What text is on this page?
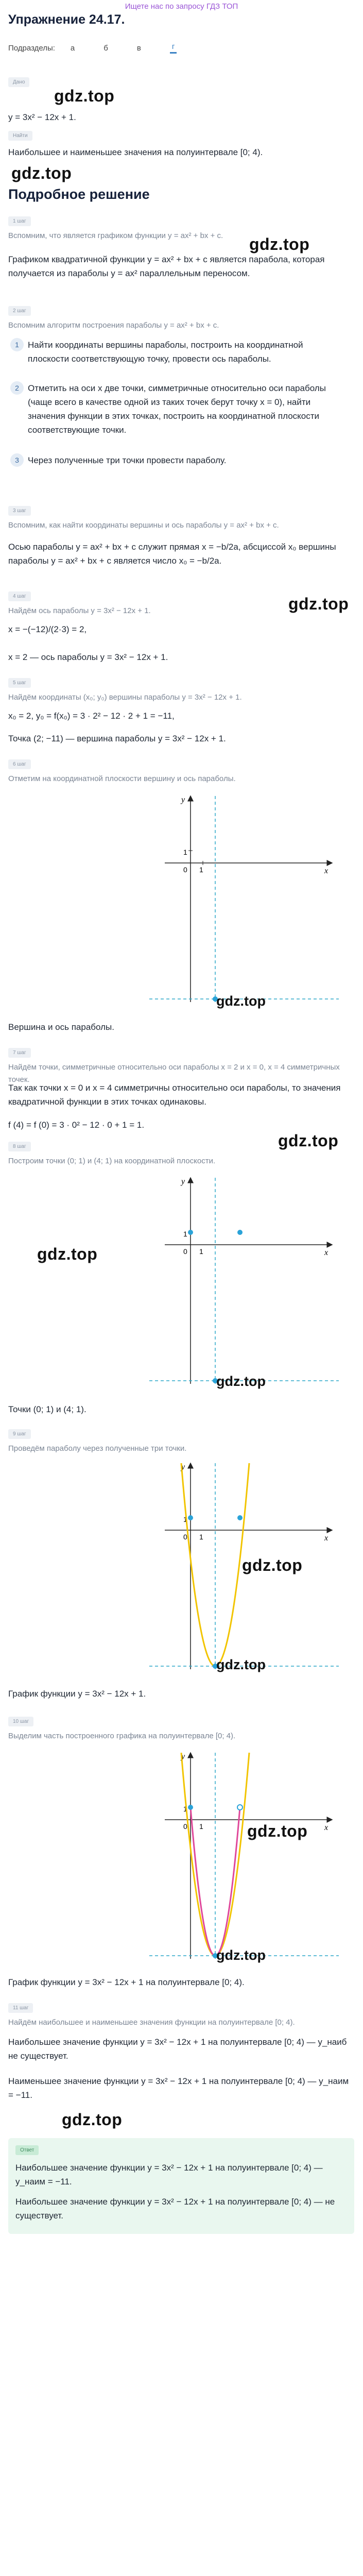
Ищете нас по запросу ГДЗ ТОП
Упражнение 24.17.
Подразделы: а	б	в	г
Дано
gdz.top
y = 3x² − 12x + 1.
Найти
Наибольшее и наименьшее значения на полуинтервале [0; 4).
gdz.top
Подробное решение
1 шаг
Вспомним, что является графиком функции y = ax² + bx + c.	gdz.top
Графиком квадратичной функции y = ax² + bx + c является парабола, которая получается из параболы y = ax² параллельным переносом.
2 шаг
Вспомним алгоритм построения параболы y = ax² + bx + c.
1 Найти координаты вершины параболы, построить на координатной плоскости соответствующую точку, провести ось параболы.
2 Отметить на оси x две точки, симметричные относительно оси параболы (чаще всего в качестве одной из таких точек берут точку x = 0), найти значения функции в этих точках, построить на координатной плоскости соответствующие точки.
3 Через полученные три точки провести параболу.
3 шаг
Вспомним, как найти координаты вершины и ось параболы y = ax² + bx + c.
Осью параболы y = ax² + bx + c служит прямая x = −b/2a, абсциссой x₀ вершины параболы y = ax² + bx + c является число x₀ = −b/2a.
4 шаг
Найдём ось параболы y = 3x² − 12x + 1.	gdz.top
x = −(−12)/(2·3) = 2,
x = 2 — ось параболы y = 3x² − 12x + 1.
5 шаг
Найдём координаты (x₀; y₀) вершины параболы y = 3x² − 12x + 1.
x₀ = 2, y₀ = f(x₀) = 3 · 2² − 12 · 2 + 1 = −11,
Точка (2; −11) — вершина параболы y = 3x² − 12x + 1.
6 шаг
Отметим на координатной плоскости вершину и ось параболы.
x
y
0 1
1
gdz.top
Вершина и ось параболы.
7 шаг
Найдём точки, симметричные относительно оси параболы x = 2 и x = 0, x = 4 симметричных точек.
Так как точки x = 0 и x = 4 симметричны относительно оси параболы, то значения квадратичной функции в этих точках одинаковы.
f (4) = f (0) = 3 · 0² − 12 · 0 + 1 = 1.
gdz.top
8 шаг
Построим точки (0; 1) и (4; 1) на координатной плоскости.
x
y
0 1
1
gdz.top
gdz.top
Точки (0; 1) и (4; 1).
9 шаг
Проведём параболу через полученные три точки.
x
y
0 1
1
gdz.top
gdz.top
График функции y = 3x² − 12x + 1.
10 шаг
Выделим часть построенного графика на полуинтервале [0; 4).
x
y
0 1
1
gdz.top
gdz.top
График функции y = 3x² − 12x + 1 на полуинтервале [0; 4).
11 шаг
Найдём наибольшее и наименьшее значения функции на полуинтервале [0; 4).
Наибольшее значение функции y = 3x² − 12x + 1 на полуинтервале [0; 4) — y_наиб не существует.
Наименьшее значение функции y = 3x² − 12x + 1 на полуинтервале [0; 4) — y_наим = −11.
gdz.top
Ответ
Наибольшее значение функции y = 3x² − 12x + 1 на полуинтервале [0; 4) — y_наим = −11.
Наибольшее значение функции y = 3x² − 12x + 1 на полуинтервале [0; 4) — не существует.
